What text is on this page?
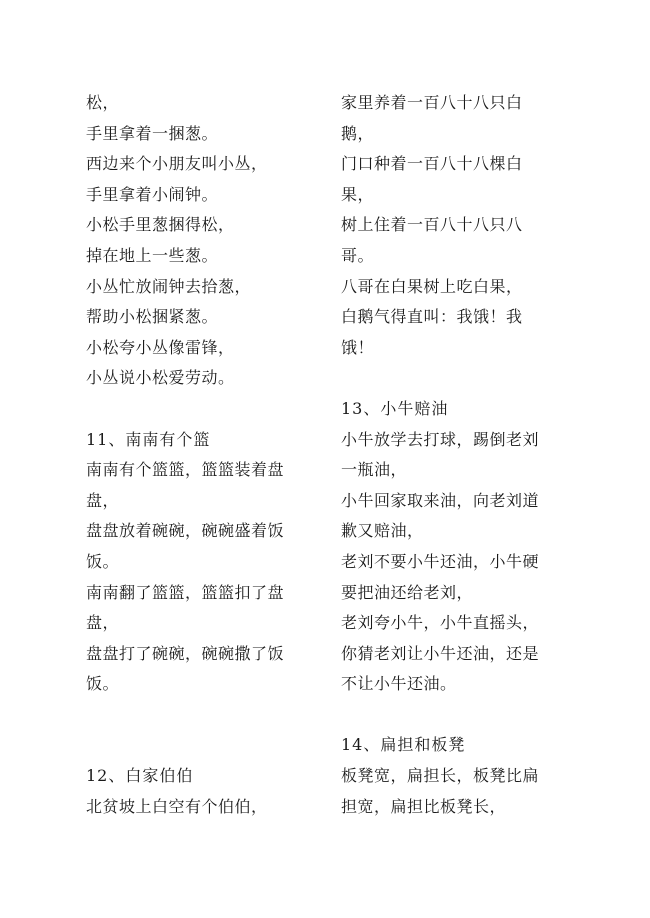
松，
手里拿着一捆葱。
西边来个小朋友叫小丛，
手里拿着小闹钟。
小松手里葱捆得松，
掉在地上一些葱。
小丛忙放闹钟去拾葱，
帮助小松捆紧葱。
小松夸小丛像雷锋，
小丛说小松爱劳动。
11、南南有个篮
南南有个篮篮，篮篮装着盘
盘，
盘盘放着碗碗，碗碗盛着饭
饭。
南南翻了篮篮，篮篮扣了盘
盘，
盘盘打了碗碗，碗碗撒了饭
饭。
12、白家伯伯
北贫坡上白空有个伯伯，
家里养着一百八十八只白
鹅，
门口种着一百八十八棵白
果，
树上住着一百八十八只八
哥。
八哥在白果树上吃白果，
白鹅气得直叫：我饿！我
饿！
13、小牛赔油
小牛放学去打球，踢倒老刘
一瓶油，
小牛回家取来油，向老刘道
歉又赔油，
老刘不要小牛还油，小牛硬
要把油还给老刘，
老刘夸小牛，小牛直摇头，
你猜老刘让小牛还油，还是
不让小牛还油。
14、扁担和板凳
板凳宽，扁担长，板凳比扁
担宽，扁担比板凳长，
